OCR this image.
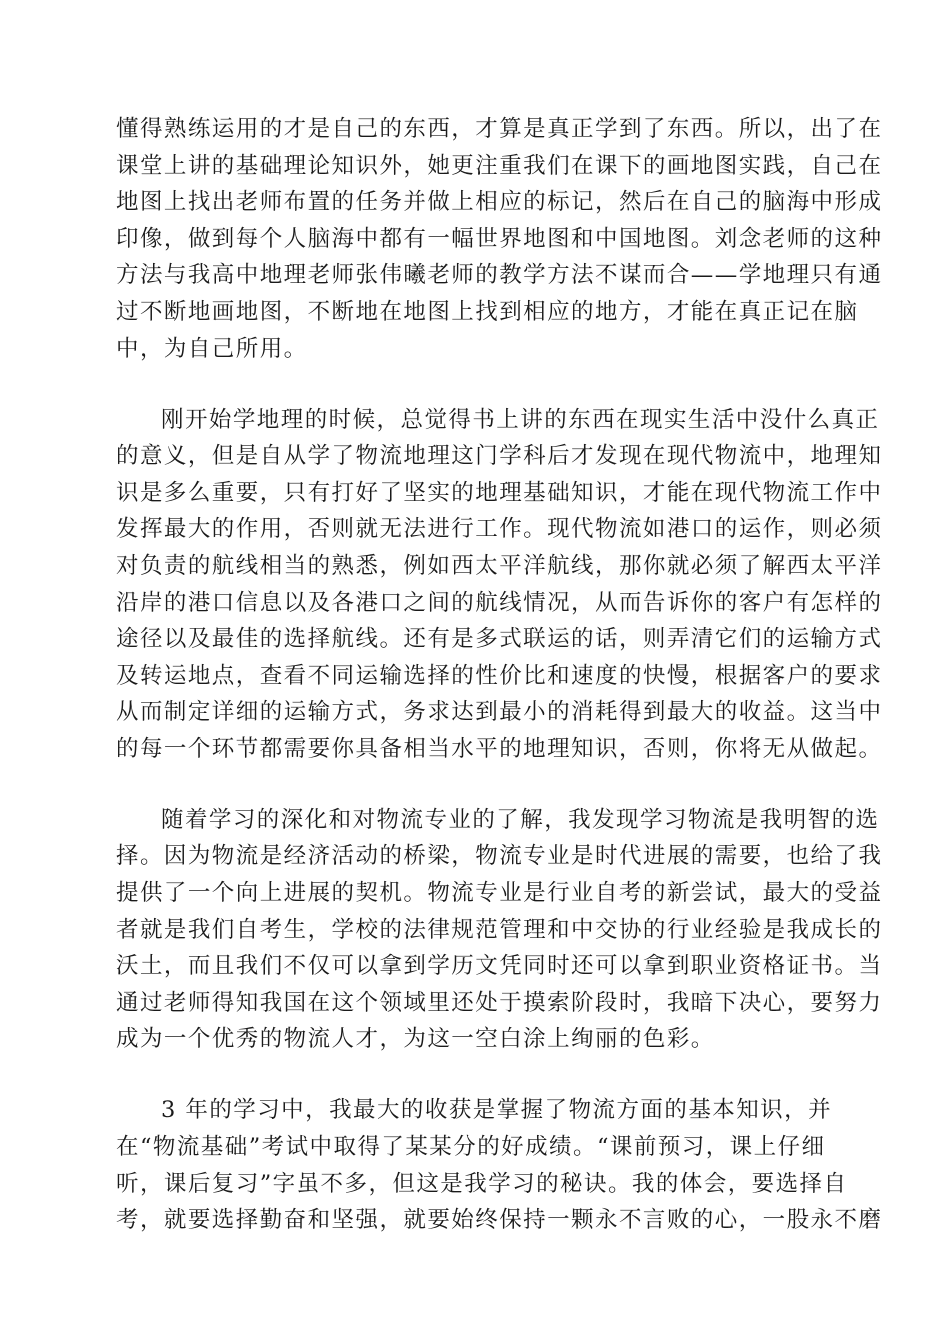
懂得熟练运用的才是自己的东西，才算是真正学到了东西。所以，出了在
课堂上讲的基础理论知识外，她更注重我们在课下的画地图实践，自己在
地图上找出老师布置的任务并做上相应的标记，然后在自己的脑海中形成
印像，做到每个人脑海中都有一幅世界地图和中国地图。刘念老师的这种
方法与我高中地理老师张伟曦老师的教学方法不谋而合——学地理只有通
过不断地画地图，不断地在地图上找到相应的地方，才能在真正记在脑
中，为自己所用。
刚开始学地理的时候，总觉得书上讲的东西在现实生活中没什么真正
的意义，但是自从学了物流地理这门学科后才发现在现代物流中，地理知
识是多么重要，只有打好了坚实的地理基础知识，才能在现代物流工作中
发挥最大的作用，否则就无法进行工作。现代物流如港口的运作，则必须
对负责的航线相当的熟悉，例如西太平洋航线，那你就必须了解西太平洋
沿岸的港口信息以及各港口之间的航线情况，从而告诉你的客户有怎样的
途径以及最佳的选择航线。还有是多式联运的话，则弄清它们的运输方式
及转运地点，查看不同运输选择的性价比和速度的快慢，根据客户的要求
从而制定详细的运输方式，务求达到最小的消耗得到最大的收益。这当中
的每一个环节都需要你具备相当水平的地理知识，否则，你将无从做起。
随着学习的深化和对物流专业的了解，我发现学习物流是我明智的选
择。因为物流是经济活动的桥梁，物流专业是时代进展的需要，也给了我
提供了一个向上进展的契机。物流专业是行业自考的新尝试，最大的受益
者就是我们自考生，学校的法律规范管理和中交协的行业经验是我成长的
沃土，而且我们不仅可以拿到学历文凭同时还可以拿到职业资格证书。当
通过老师得知我国在这个领域里还处于摸索阶段时，我暗下决心，要努力
成为一个优秀的物流人才，为这一空白涂上绚丽的色彩。
3 年的学习中，我最大的收获是掌握了物流方面的基本知识，并
在“物流基础”考试中取得了某某分的好成绩。“课前预习，课上仔细
听，课后复习”字虽不多，但这是我学习的秘诀。我的体会，要选择自
考，就要选择勤奋和坚强，就要始终保持一颗永不言败的心，一股永不磨
